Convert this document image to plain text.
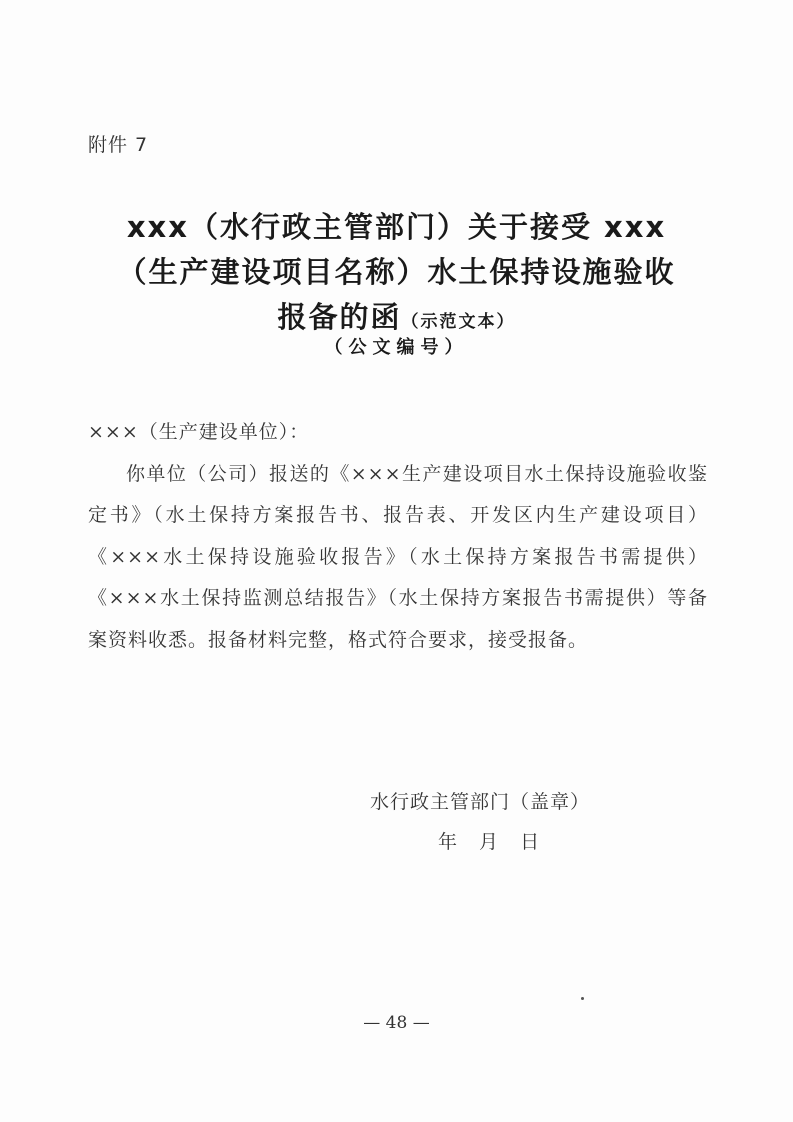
附件 7
xxx（水行政主管部门）关于接受 xxx
（生产建设项目名称）水土保持设施验收
报备的函（示范文本）
（公文编号）
×××（生产建设单位）：

你单位（公司）报送的《×××生产建设项目水土保持设施验收鉴定书》（水土保持方案报告书、报告表、开发区内生产建设项目）《×××水土保持设施验收报告》（水土保持方案报告书需提供）《×××水土保持监测总结报告》（水土保持方案报告书需提供）等备案资料收悉。报备材料完整，格式符合要求，接受报备。

水行政主管部门（盖章）
年 月 日
— 48 —
